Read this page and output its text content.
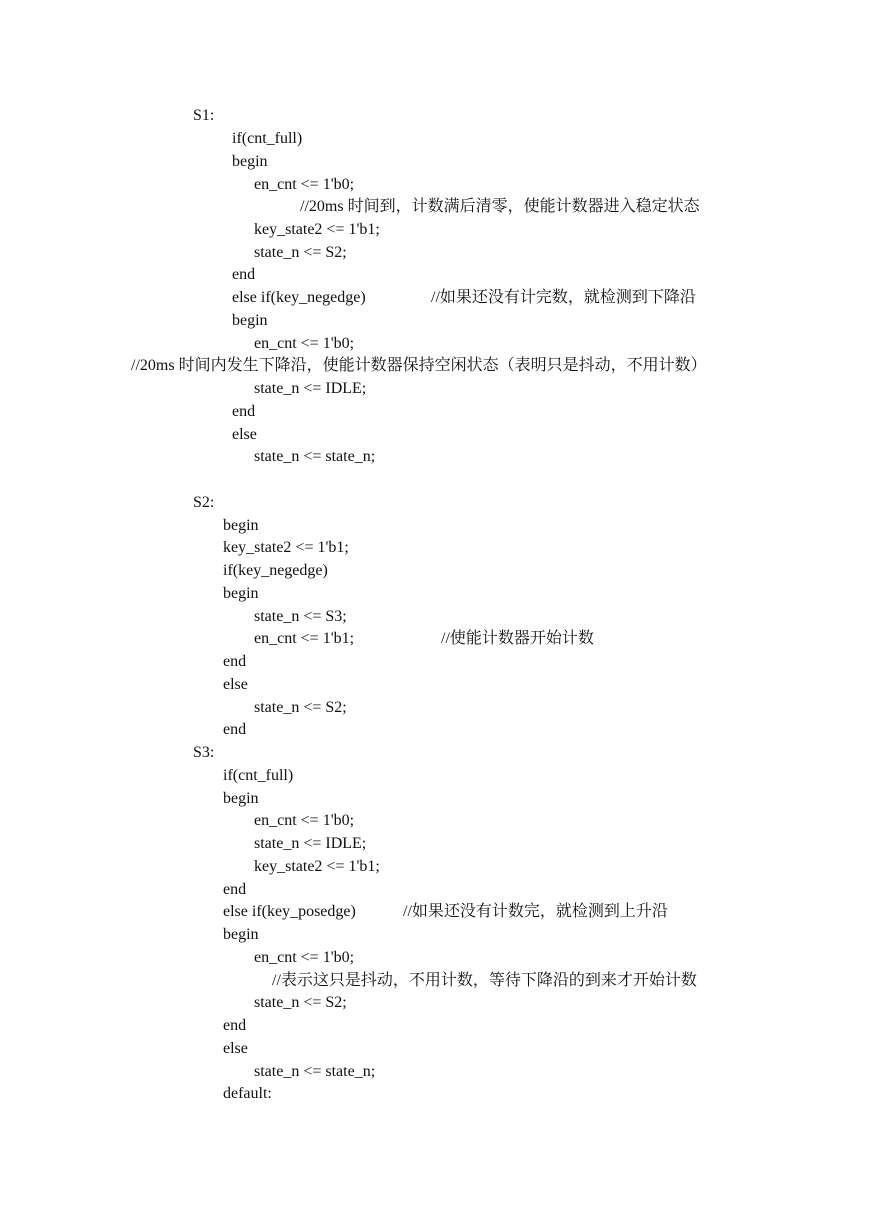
S1:
if(cnt_full)
begin
en_cnt <= 1'b0;
//20ms 时间到，计数满后清零，使能计数器进入稳定状态
key_state2 <= 1'b1;
state_n <= S2;
end
else if(key_negedge)	//如果还没有计完数，就检测到下降沿
begin
en_cnt <= 1'b0;
//20ms 时间内发生下降沿，使能计数器保持空闲状态（表明只是抖动，不用计数）
state_n <= IDLE;
end
else
state_n <= state_n;
S2:
begin
key_state2 <= 1'b1;
if(key_negedge)
begin
state_n <= S3;
en_cnt <= 1'b1;	//使能计数器开始计数
end
else
state_n <= S2;
end
S3:
if(cnt_full)
begin
en_cnt <= 1'b0;
state_n <= IDLE;
key_state2 <= 1'b1;
end
else if(key_posedge)	//如果还没有计数完，就检测到上升沿
begin
en_cnt <= 1'b0;
//表示这只是抖动，不用计数，等待下降沿的到来才开始计数
state_n <= S2;
end
else
state_n <= state_n;
default:
